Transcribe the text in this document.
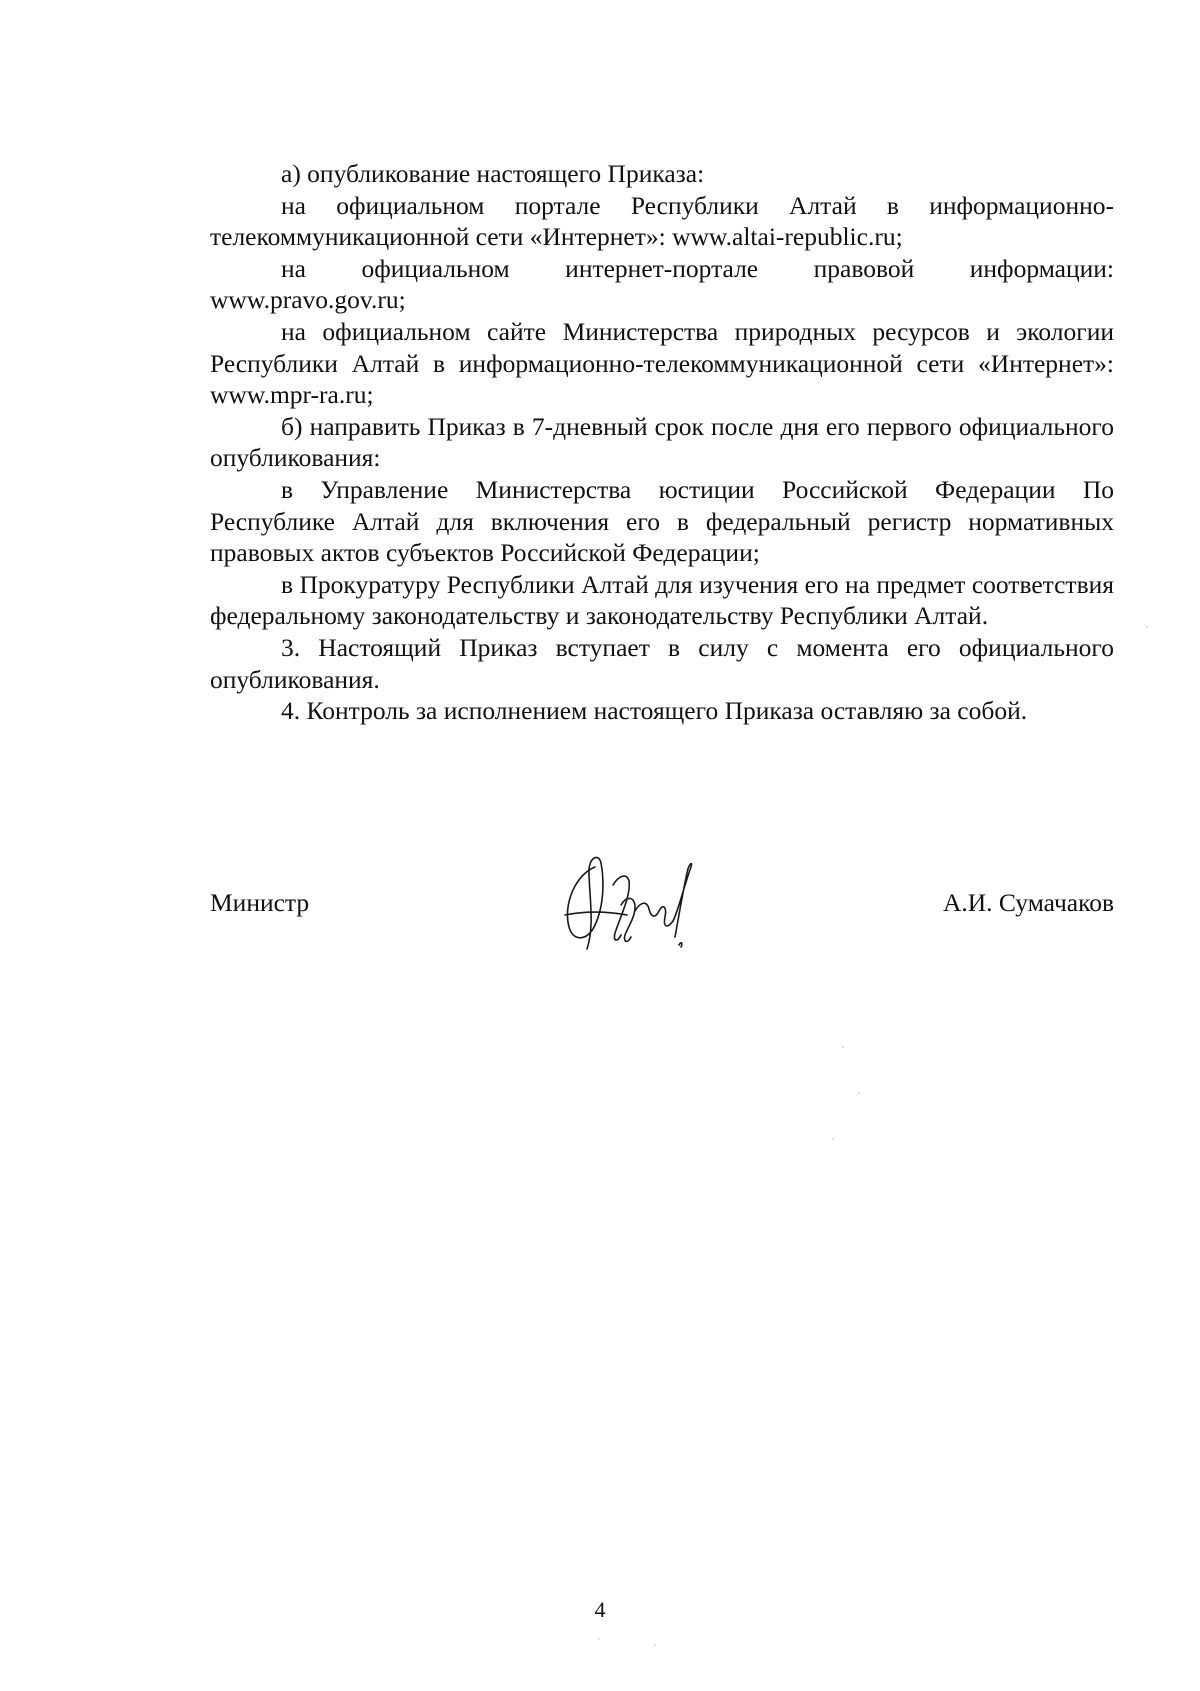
а) опубликование настоящего Приказа:

на официальном портале Республики Алтай в информационно-телекоммуникационной сети «Интернет»: www.altai-republic.ru;

на официальном интернет-портале правовой информации: www.pravo.gov.ru;

на официальном сайте Министерства природных ресурсов и экологии Республики Алтай в информационно-телекоммуникационной сети «Интернет»: www.mpr-ra.ru;

б) направить Приказ в 7-дневный срок после дня его первого официального опубликования:

в Управление Министерства юстиции Российской Федерации По Республике Алтай для включения его в федеральный регистр нормативных правовых актов субъектов Российской Федерации;

в Прокуратуру Республики Алтай для изучения его на предмет соответствия федеральному законодательству и законодательству Республики Алтай.

3. Настоящий Приказ вступает в силу с момента его официального опубликования.

4. Контроль за исполнением настоящего Приказа оставляю за собой.

Министр	А.И. Сумачаков
4
